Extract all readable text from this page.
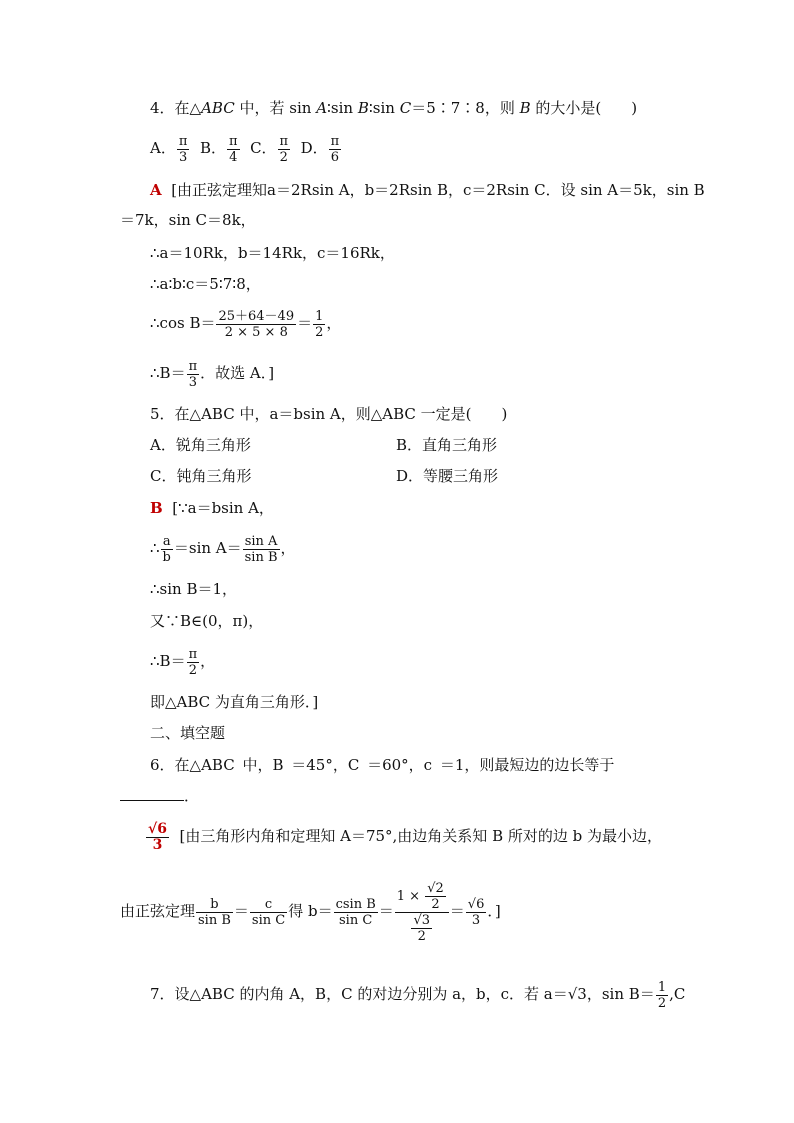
4．在△ABC 中，若 sin A∶sin B∶sin C＝5∶7∶8，则 B 的大小是(　　)
A． $\frac{\pi}{3}$ B． $\frac{\pi}{4}$ C． $\frac{\pi}{2}$ D． $\frac{\pi}{6}$
A [由正弦定理知a＝2Rsin A，b＝2Rsin B，c＝2Rsin C．设 sin A＝5k，sin B
＝7k，sin C＝8k，
∴a＝10Rk，b＝14Rk，c＝16Rk，
∴a∶b∶c＝5∶7∶8，
∴cos $B= \frac{25+64-49}{2 \times 5 \times 8} = \frac{1}{2}$ ，
∴B＝ $\frac{\pi}{3}$ ．故选 A．]
5．在△ABC 中，a＝bsin A，则△ABC 一定是(　　)
A．锐角三角形	B．直角三角形
C．钝角三角形	D．等腰三角形
B [∵a＝bsin A，
∴ $\frac{a}{b} =\sin$ $A= \frac{\text{sin A}}{\text{sin B}}$ ，
∴sin B＝1，
又∵B∈(0，π)，
∴B＝ $\frac{\pi}{2}$ ，
即△ABC 为直角三角形．]
二、填空题
6．在△ABC 中，B ＝45°，C ＝60°，c ＝1，则最短边的边长等于
．
$\frac{√6}{3}$ [由三角形内角和定理知 A＝75°,由边角关系知 B 所对的边 b 为最小边，
由正弦定理 $\frac{b}{\text{sin B}} = \frac{c}{\text{sin C}}$ 得 $b= \frac{\text{csin B}}{\text{sin C}} = \frac{1 \times \frac{√2}{2}}{\frac{√3}{2}} = \frac{√6}{3}$ ．]
7．设△ABC 的内角 A，B，C 的对边分别为 a，b，c．若 a＝√3，$\sin B= \frac{1}{2} ,C$
